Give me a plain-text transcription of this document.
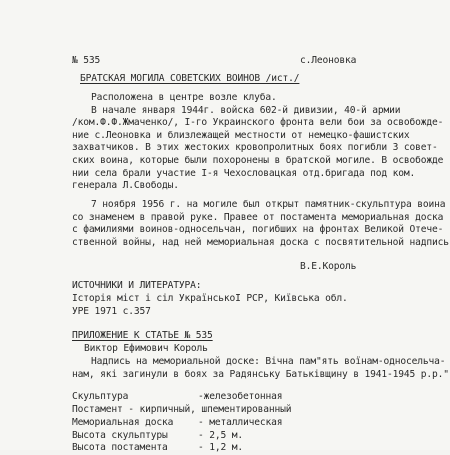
№ 535	с.Леоновка
БРАТСКАЯ МОГИЛА СОВЕТСКИХ ВОИНОВ /ист./
Расположена в центре возле клуба.
В начале января 1944г. войска 602-й дивизии, 40-й армии
/ком.Ф.Ф.Жмаченко/, I-го Украинского фронта вели бои за освобожде-
ние с.Леоновка и близлежащей местности от немецко-фашистских
захватчиков. В этих жестоких кровопролитных боях погибли 3 совет-
ских воина, которые были похоронены в братской могиле. В освобожде
нии села брали участие I-я Чехословацкая отд.бригада под ком.
генерала Л.Свободы.
7 ноября 1956 г. на могиле был открыт памятник-скульптура воина
со знаменем в правой руке. Правее от постамента мемориальная доска
с фамилиями воинов-односельчан, погибших на фронтах Великой Отече-
ственной войны, над ней мемориальная доска с посвятительной надпись
В.Е.Король
ИСТОЧНИКИ И ЛИТЕРАТУРА:
Історія міст і сіл УкраїнськоІ РСР, Київська обл.
УРЕ 1971 с.357
ПРИЛОЖЕНИЕ К СТАТЬЕ № 535
Виктор Ефимович Король
Надпись на мемориальной доске: Вічна пам"ять воїнам-односельча-
нам, які загинули в боях за Радянську Батьківщину в 1941-1945 р.р."
Скульптура	-железобетонная
Постамент - кирпичный, шпементированный
Мемориальная доска	- металлическая
Высота скульптуры	- 2,5 м.
Высота постамента	- 1,2 м.
